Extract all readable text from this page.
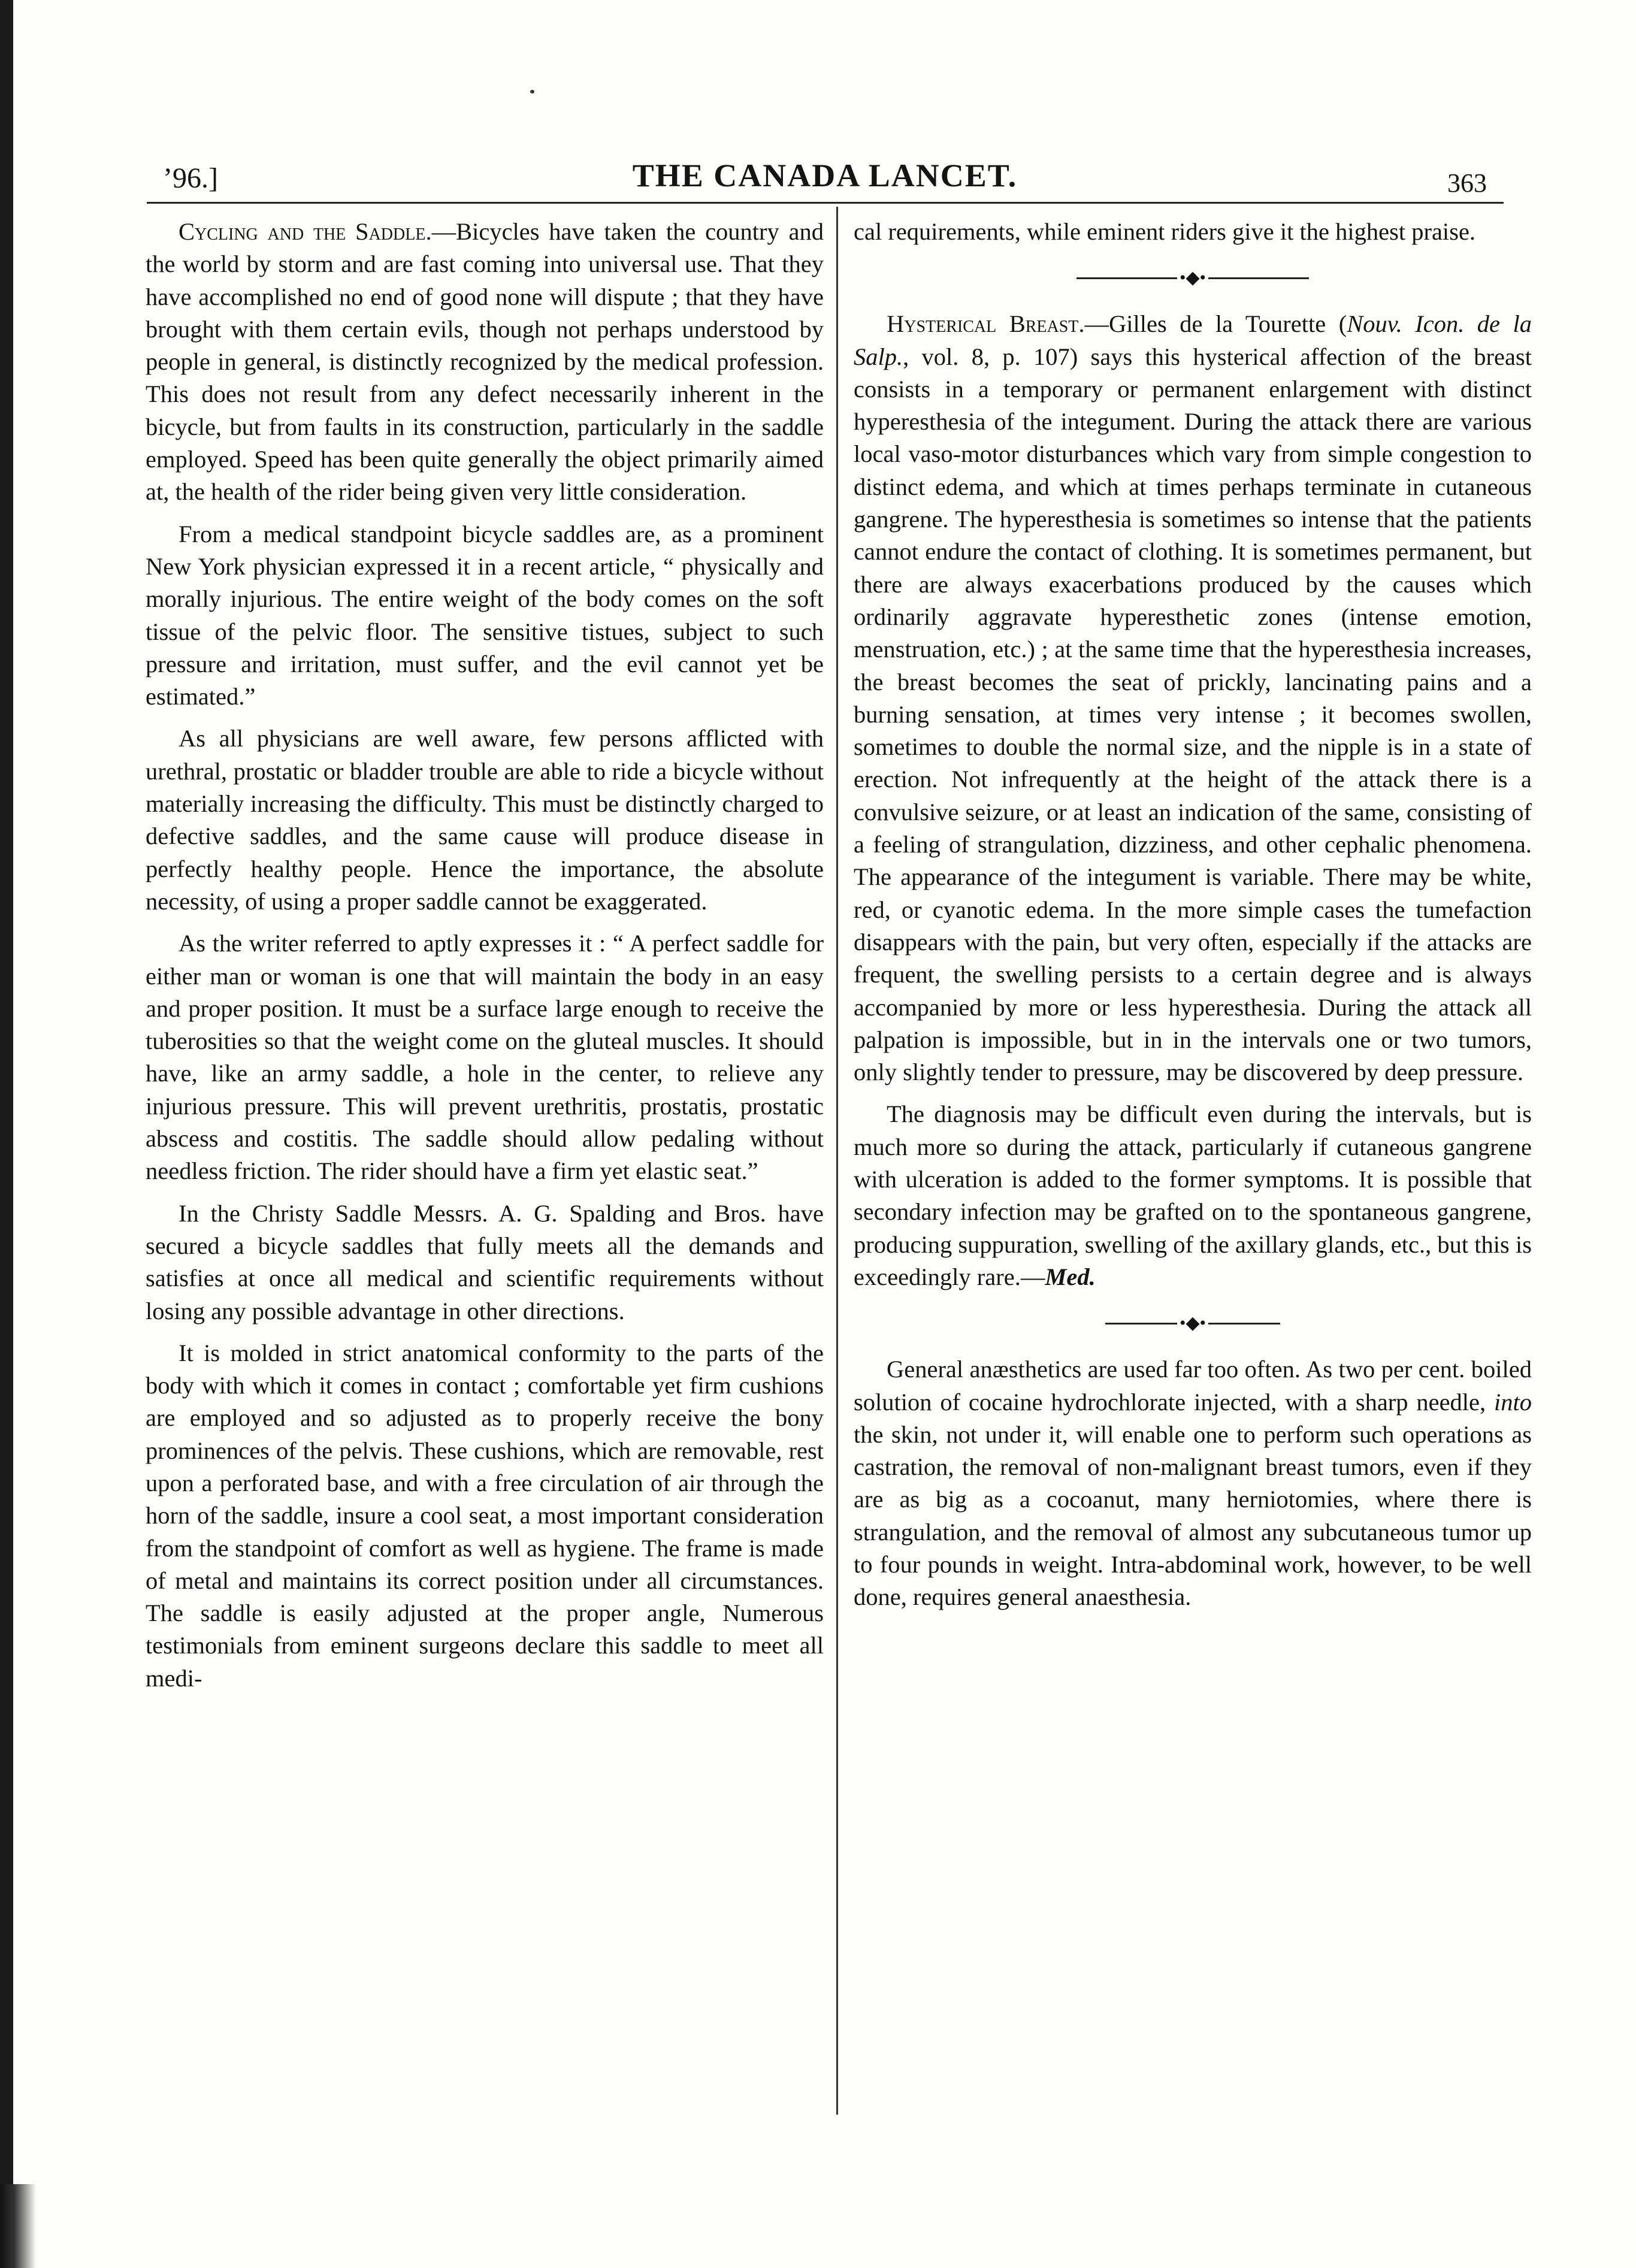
’96.]	THE CANADA LANCET.	363

Cycling and the Saddle.—Bicycles have taken the country and the world by storm and are fast coming into universal use. That they have accomplished no end of good none will dispute ; that they have brought with them certain evils, though not perhaps understood by people in general, is distinctly recognized by the medical profession. This does not result from any defect necessarily inherent in the bicycle, but from faults in its construction, particularly in the saddle employed. Speed has been quite generally the object primarily aimed at, the health of the rider being given very little consideration.

From a medical standpoint bicycle saddles are, as a prominent New York physician expressed it in a recent article, “ physically and morally injurious. The entire weight of the body comes on the soft tissue of the pelvic floor. The sensitive tistues, subject to such pressure and irritation, must suffer, and the evil cannot yet be estimated.”

As all physicians are well aware, few persons afflicted with urethral, prostatic or bladder trouble are able to ride a bicycle without materially increasing the difficulty. This must be distinctly charged to defective saddles, and the same cause will produce disease in perfectly healthy people. Hence the importance, the absolute necessity, of using a proper saddle cannot be exaggerated.

As the writer referred to aptly expresses it : “ A perfect saddle for either man or woman is one that will maintain the body in an easy and proper position. It must be a surface large enough to receive the tuberosities so that the weight come on the gluteal muscles. It should have, like an army saddle, a hole in the center, to relieve any injurious pressure. This will prevent urethritis, prostatis, prostatic abscess and costitis. The saddle should allow pedaling without needless friction. The rider should have a firm yet elastic seat.”

In the Christy Saddle Messrs. A. G. Spalding and Bros. have secured a bicycle saddles that fully meets all the demands and satisfies at once all medical and scientific requirements without losing any possible advantage in other directions.

It is molded in strict anatomical conformity to the parts of the body with which it comes in contact ; comfortable yet firm cushions are employed and so adjusted as to properly receive the bony prominences of the pelvis. These cushions, which are removable, rest upon a perforated base, and with a free circulation of air through the horn of the saddle, insure a cool seat, a most important consideration from the standpoint of comfort as well as hygiene. The frame is made of metal and maintains its correct position under all circumstances. The saddle is easily adjusted at the proper angle, Numerous testimonials from eminent surgeons declare this saddle to meet all medi-

cal requirements, while eminent riders give it the highest praise.

•◆•

Hysterical Breast.—Gilles de la Tourette (Nouv. Icon. de la Salp., vol. 8, p. 107) says this hysterical affection of the breast consists in a temporary or permanent enlargement with distinct hyperesthesia of the integument. During the attack there are various local vaso-motor disturbances which vary from simple congestion to distinct edema, and which at times perhaps terminate in cutaneous gangrene. The hyperesthesia is sometimes so intense that the patients cannot endure the contact of clothing. It is sometimes permanent, but there are always exacerbations produced by the causes which ordinarily aggravate hyperesthetic zones (intense emotion, menstruation, etc.) ; at the same time that the hyperesthesia increases, the breast becomes the seat of prickly, lancinating pains and a burning sensation, at times very intense ; it becomes swollen, sometimes to double the normal size, and the nipple is in a state of erection. Not infrequently at the height of the attack there is a convulsive seizure, or at least an indication of the same, consisting of a feeling of strangulation, dizziness, and other cephalic phenomena. The appearance of the integument is variable. There may be white, red, or cyanotic edema. In the more simple cases the tumefaction disappears with the pain, but very often, especially if the attacks are frequent, the swelling persists to a certain degree and is always accompanied by more or less hyperesthesia. During the attack all palpation is impossible, but in in the intervals one or two tumors, only slightly tender to pressure, may be discovered by deep pressure.

The diagnosis may be difficult even during the intervals, but is much more so during the attack, particularly if cutaneous gangrene with ulceration is added to the former symptoms. It is possible that secondary infection may be grafted on to the spontaneous gangrene, producing suppuration, swelling of the axillary glands, etc., but this is exceedingly rare.—Med.

•◆•

General anæsthetics are used far too often. As two per cent. boiled solution of cocaine hydrochlorate injected, with a sharp needle, into the skin, not under it, will enable one to perform such operations as castration, the removal of non-malignant breast tumors, even if they are as big as a cocoanut, many herniotomies, where there is strangulation, and the removal of almost any subcutaneous tumor up to four pounds in weight. Intra-abdominal work, however, to be well done, requires general anaesthesia.
